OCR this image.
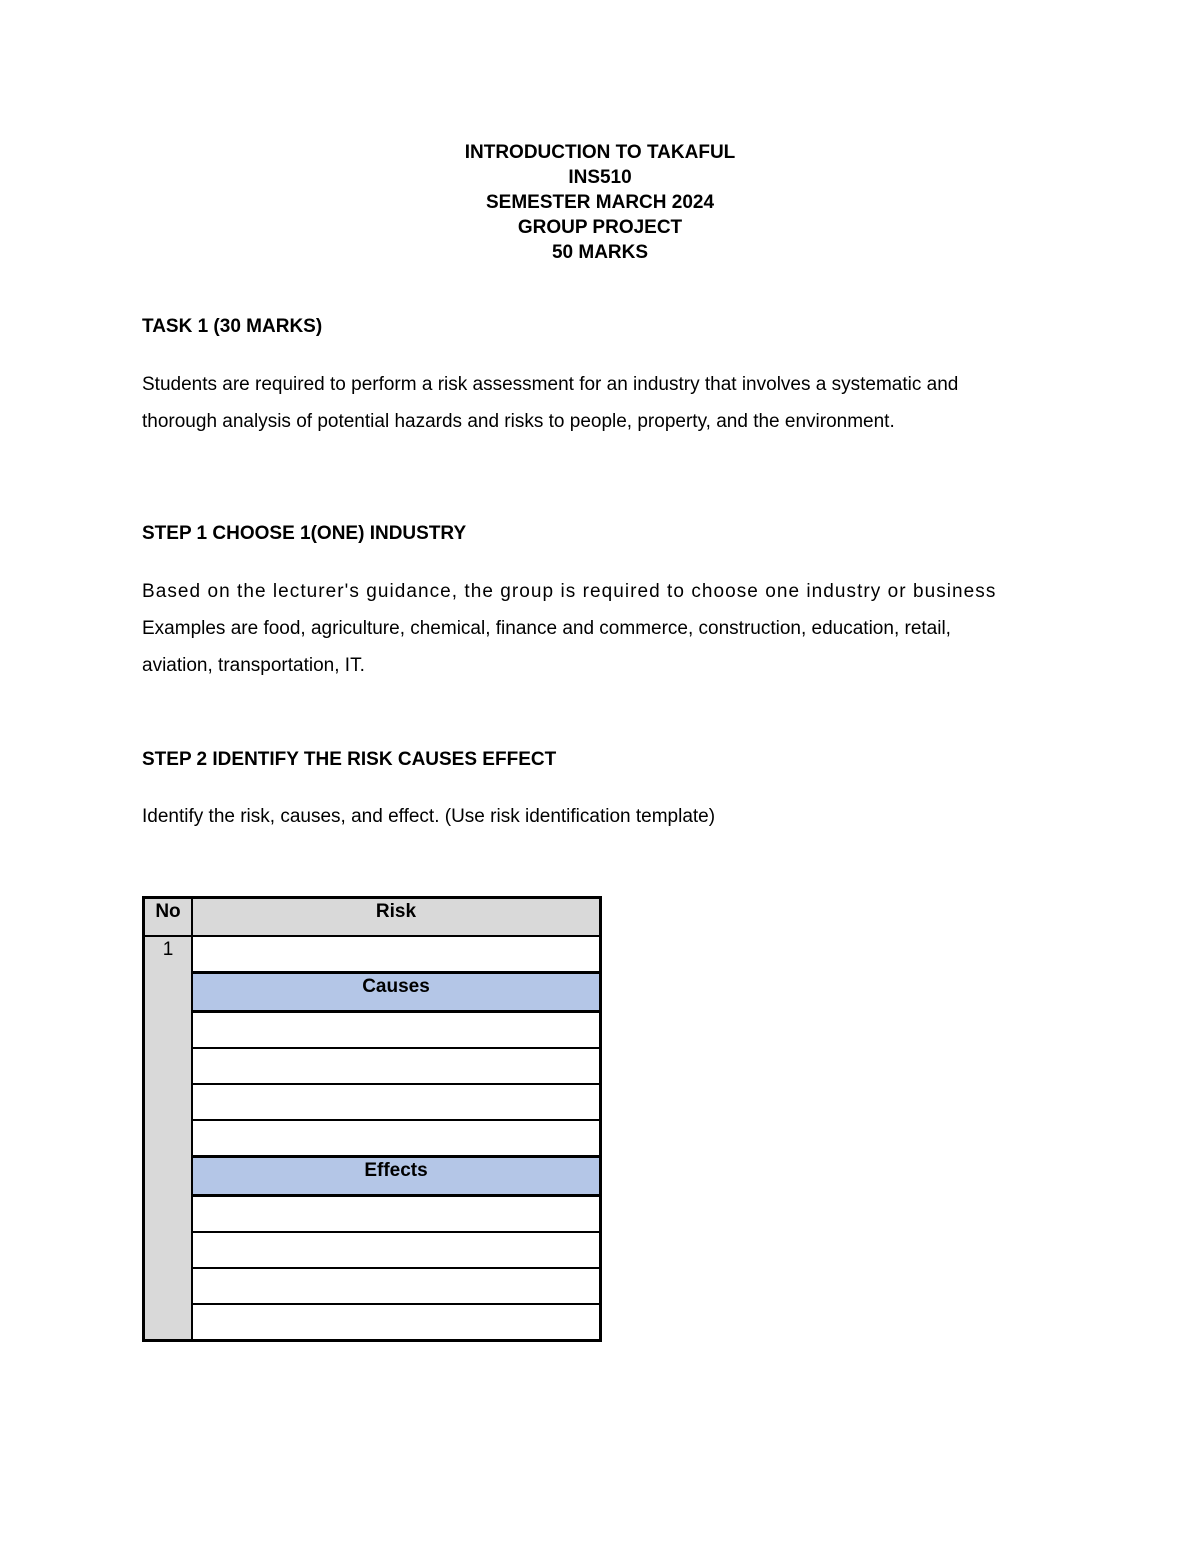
INTRODUCTION TO TAKAFUL
INS510
SEMESTER MARCH 2024
GROUP PROJECT
50 MARKS
TASK 1 (30 MARKS)
Students are required to perform a risk assessment for an industry that involves a systematic and
thorough analysis of potential hazards and risks to people, property, and the environment.
STEP 1 CHOOSE 1(ONE) INDUSTRY
Based on the lecturer's guidance, the group is required to choose one industry or business
Examples are food, agriculture, chemical, finance and commerce, construction, education, retail,
aviation, transportation, IT.
STEP 2 IDENTIFY THE RISK CAUSES EFFECT
Identify the risk, causes, and effect. (Use risk identification template)
No	Risk
1	
	Causes

	Effects
